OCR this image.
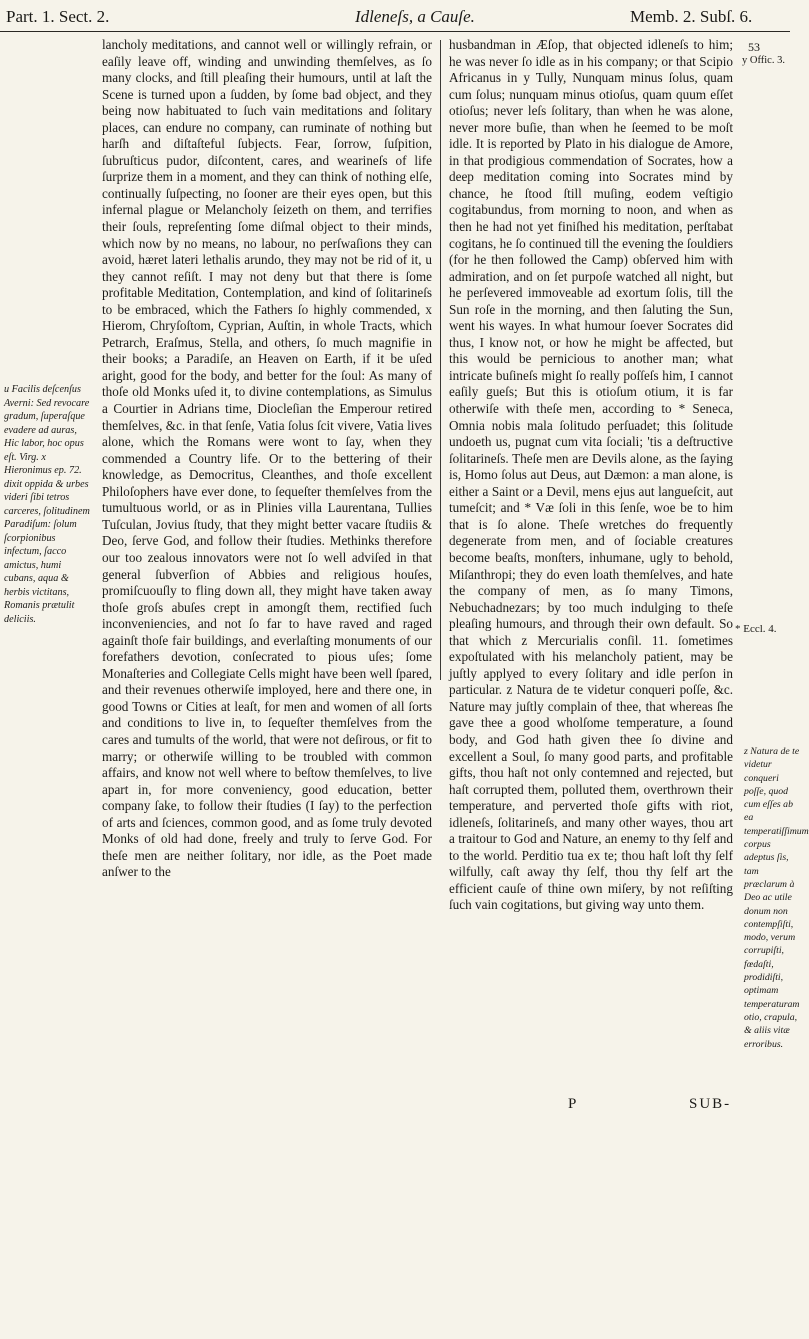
Part. 1. Sect. 2.	Idleneſs, a Cauſe.	Memb. 2. Subſ. 6.
53
u Facilis deſcenſus Averni: Sed revocare gradum, ſuperaſque evadere ad auras, Hic labor, hoc opus eſt. Virg. x Hieronimus ep. 72. dixit oppida & urbes videri ſibi tetros carceres, ſolitudinem Paradiſum: ſolum ſcorpionibus infectum, ſacco amictus, humi cubans, aqua & herbis victitans, Romanis prætulit deliciis.

lancholy meditations, and cannot well or willingly refrain, or eaſily leave off, winding and unwinding themſelves, as ſo many clocks, and ſtill pleaſing their humours, until at laſt the Scene is turned upon a ſudden, by ſome bad object, and they being now habituated to ſuch vain meditations and ſolitary places, can endure no company, can ruminate of nothing but harſh and diſtaſteful ſubjects. Fear, ſorrow, ſuſpition, ſubruſticus pudor, diſcontent, cares, and wearineſs of life ſurprize them in a moment, and they can think of nothing elſe, continually ſuſpecting, no ſooner are their eyes open, but this infernal plague or Melancholy ſeizeth on them, and terrifies their ſouls, repreſenting ſome diſmal object to their minds, which now by no means, no labour, no perſwaſions they can avoid, hæret lateri lethalis arundo, they may not be rid of it, u they cannot reſiſt. I may not deny but that there is ſome profitable Meditation, Contemplation, and kind of ſolitarineſs to be embraced, which the Fathers ſo highly commended, x Hierom, Chryſoſtom, Cyprian, Auſtin, in whole Tracts, which Petrarch, Eraſmus, Stella, and others, ſo much magnifie in their books; a Paradiſe, an Heaven on Earth, if it be uſed aright, good for the body, and better for the ſoul: As many of thoſe old Monks uſed it, to divine contemplations, as Simulus a Courtier in Adrians time, Diocleſian the Emperour retired themſelves, &c. in that ſenſe, Vatia ſolus ſcit vivere, Vatia lives alone, which the Romans were wont to ſay, when they commended a Country life. Or to the bettering of their knowledge, as Democritus, Cleanthes, and thoſe excellent Philoſophers have ever done, to ſequeſter themſelves from the tumultuous world, or as in Plinies villa Laurentana, Tullies Tuſculan, Jovius ſtudy, that they might better vacare ſtudiis & Deo, ſerve God, and follow their ſtudies. Methinks therefore our too zealous innovators were not ſo well adviſed in that general ſubverſion of Abbies and religious houſes, promiſcuouſly to fling down all, they might have taken away thoſe groſs abuſes crept in amongſt them, rectified ſuch inconveniencies, and not ſo far to have raved and raged againſt thoſe fair buildings, and everlaſting monuments of our forefathers devotion, conſecrated to pious uſes; ſome Monaſteries and Collegiate Cells might have been well ſpared, and their revenues otherwiſe imployed, here and there one, in good Towns or Cities at leaſt, for men and women of all ſorts and conditions to live in, to ſequeſter themſelves from the cares and tumults of the world, that were not deſirous, or fit to marry; or otherwiſe willing to be troubled with common affairs, and know not well where to beſtow themſelves, to live apart in, for more conveniency, good education, better company ſake, to follow their ſtudies (I ſay) to the perfection of arts and ſciences, common good, and as ſome truly devoted Monks of old had done, freely and truly to ſerve God. For theſe men are neither ſolitary, nor idle, as the Poet made anſwer to the

husbandman in Æſop, that objected idleneſs to him; he was never ſo idle as in his company; or that Scipio Africanus in y Tully, Nunquam minus ſolus, quam cum ſolus; nunquam minus otioſus, quam quum eſſet otioſus; never leſs ſolitary, than when he was alone, never more buſie, than when he ſeemed to be moſt idle. It is reported by Plato in his dialogue de Amore, in that prodigious commendation of Socrates, how a deep meditation coming into Socrates mind by chance, he ſtood ſtill muſing, eodem veſtigio cogitabundus, from morning to noon, and when as then he had not yet finiſhed his meditation, perſtabat cogitans, he ſo continued till the evening the ſouldiers (for he then followed the Camp) obſerved him with admiration, and on ſet purpoſe watched all night, but he perſevered immoveable ad exortum ſolis, till the Sun roſe in the morning, and then ſaluting the Sun, went his wayes. In what humour ſoever Socrates did thus, I know not, or how he might be affected, but this would be pernicious to another man; what intricate buſineſs might ſo really poſſeſs him, I cannot eaſily gueſs; But this is otioſum otium, it is far otherwiſe with theſe men, according to * Seneca, Omnia nobis mala ſolitudo perſuadet; this ſolitude undoeth us, pugnat cum vita ſociali; 'tis a deſtructive ſolitarineſs. Theſe men are Devils alone, as the ſaying is, Homo ſolus aut Deus, aut Dæmon: a man alone, is either a Saint or a Devil, mens ejus aut langueſcit, aut tumeſcit; and * Væ ſoli in this ſenſe, woe be to him that is ſo alone. Theſe wretches do frequently degenerate from men, and of ſociable creatures become beaſts, monſters, inhumane, ugly to behold, Miſanthropi; they do even loath themſelves, and hate the company of men, as ſo many Timons, Nebuchadnezars; by too much indulging to theſe pleaſing humours, and through their own default. So that which z Mercurialis conſil. 11. ſometimes expoſtulated with his melancholy patient, may be juſtly applyed to every ſolitary and idle perſon in particular. z Natura de te videtur conqueri poſſe, &c. Nature may juſtly complain of thee, that whereas ſhe gave thee a good wholſome temperature, a ſound body, and God hath given thee ſo divine and excellent a Soul, ſo many good parts, and profitable gifts, thou haſt not only contemned and rejected, but haſt corrupted them, polluted them, overthrown their temperature, and perverted thoſe gifts with riot, idleneſs, ſolitarineſs, and many other wayes, thou art a traitour to God and Nature, an enemy to thy ſelf and to the world. Perditio tua ex te; thou haſt loſt thy ſelf wilfully, caſt away thy ſelf, thou thy ſelf art the efficient cauſe of thine own miſery, by not reſiſting ſuch vain cogitations, but giving way unto them.

y Offic. 3.
* Eccl. 4.
z Natura de te videtur conqueri poſſe, quod cum eſſes ab ea temperatiſſimum corpus adeptus ſis, tam præclarum à Deo ac utile donum non contempſiſti, modo, verum corrupiſti, fœdaſti, prodidiſti, optimam temperaturam otio, crapula, & aliis vitæ erroribus.
P	SUB-
